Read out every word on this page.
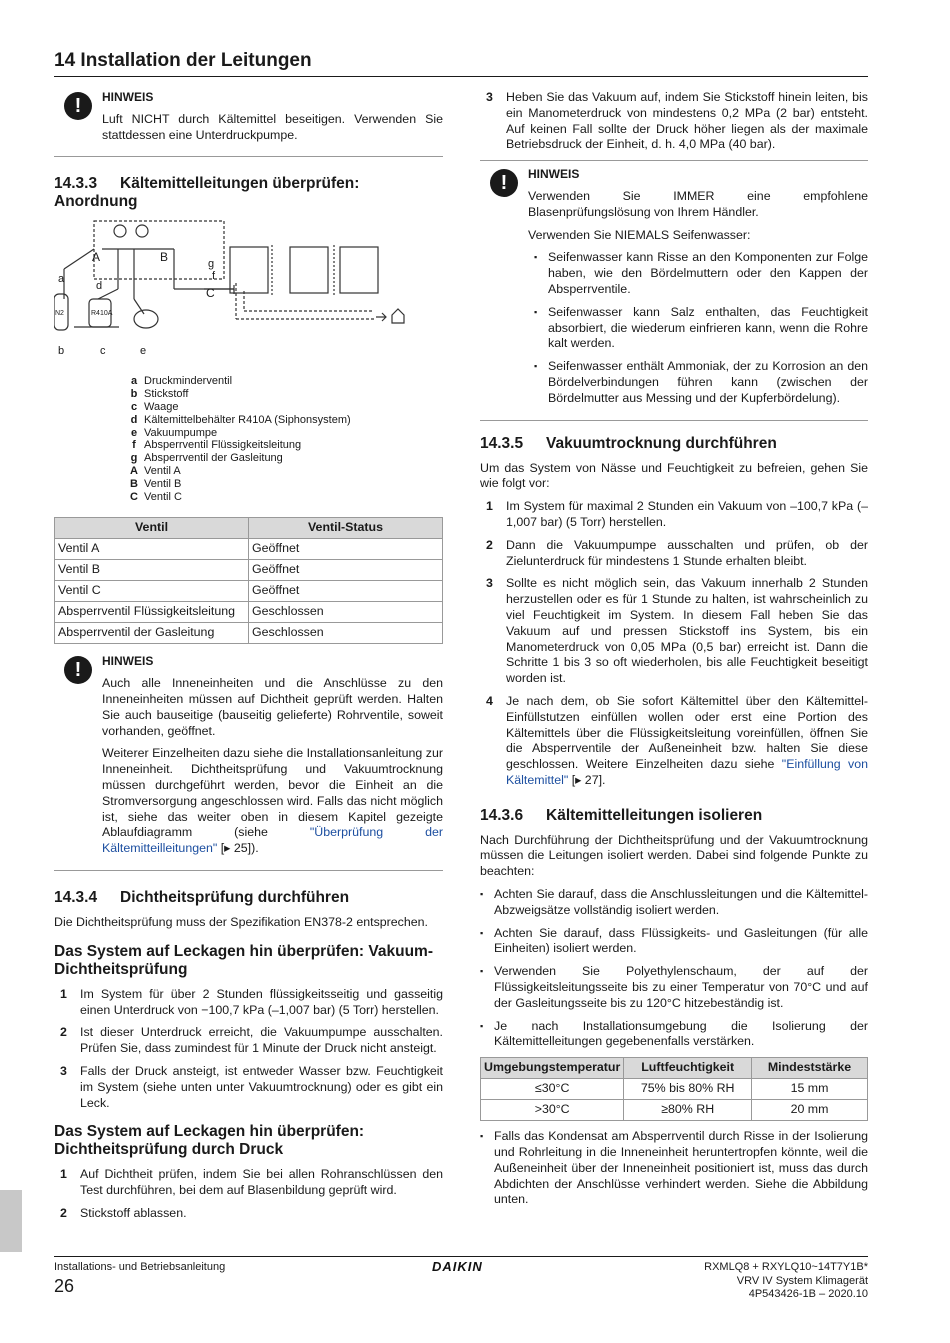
14 Installation der Leitungen
!	HINWEIS

Luft NICHT durch Kältemittel beseitigen. Verwenden Sie stattdessen eine Unterdruckpumpe.

14.3.3 Kältemittelleitungen überprüfen: Anordnung
a
b	c
d
e
f
g
A	B
C
N2	R410A
a Druckminderventil
b Stickstoff
c Waage
d Kältemittelbehälter R410A (Siphonsystem)
e Vakuumpumpe
f Absperrventil Flüssigkeitsleitung
g Absperrventil der Gasleitung
A Ventil A
B Ventil B
C Ventil C
Ventil	Ventil-Status
Ventil A	Geöffnet
Ventil B	Geöffnet
Ventil C	Geöffnet
Absperrventil Flüssigkeitsleitung	Geschlossen
Absperrventil der Gasleitung	Geschlossen
!	HINWEIS

Auch alle Inneneinheiten und die Anschlüsse zu den Inneneinheiten müssen auf Dichtheit geprüft werden. Halten Sie auch bauseitige (bauseitig gelieferte) Rohrventile, soweit vorhanden, geöffnet.

Weiterer Einzelheiten dazu siehe die Installationsanleitung zur Inneneinheit. Dichtheitsprüfung und Vakuumtrocknung müssen durchgeführt werden, bevor die Einheit an die Stromversorgung angeschlossen wird. Falls das nicht möglich ist, siehe das weiter oben in diesem Kapitel gezeigte Ablaufdiagramm (siehe "Überprüfung der Kältemitteilleitungen" [▸ 25]).

14.3.4 Dichtheitsprüfung durchführen

Die Dichtheitsprüfung muss der Spezifikation EN378-2 entsprechen.

Das System auf Leckagen hin überprüfen: Vakuum-Dichtheitsprüfung
1 Im System für über 2 Stunden flüssigkeitsseitig und gasseitig einen Unterdruck von −100,7 kPa (–1,007 bar) (5 Torr) herstellen.
2 Ist dieser Unterdruck erreicht, die Vakuumpumpe ausschalten. Prüfen Sie, dass zumindest für 1 Minute der Druck nicht ansteigt.
3 Falls der Druck ansteigt, ist entweder Wasser bzw. Feuchtigkeit im System (siehe unten unter Vakuumtrocknung) oder es gibt ein Leck.
Das System auf Leckagen hin überprüfen: Dichtheitsprüfung durch Druck
1 Auf Dichtheit prüfen, indem Sie bei allen Rohranschlüssen den Test durchführen, bei dem auf Blasenbildung geprüft wird.
2 Stickstoff ablassen.
3 Heben Sie das Vakuum auf, indem Sie Stickstoff hinein leiten, bis ein Manometerdruck von mindestens 0,2 MPa (2 bar) entsteht. Auf keinen Fall sollte der Druck höher liegen als der maximale Betriebsdruck der Einheit, d. h. 4,0 MPa (40 bar).
!	HINWEIS

Verwenden Sie IMMER eine empfohlene Blasenprüfungslösung von Ihrem Händler.

Verwenden Sie NIEMALS Seifenwasser:

▪ Seifenwasser kann Risse an den Komponenten zur Folge haben, wie den Bördelmuttern oder den Kappen der Absperrventile.
▪ Seifenwasser kann Salz enthalten, das Feuchtigkeit absorbiert, die wiederum einfrieren kann, wenn die Rohre kalt werden.
▪ Seifenwasser enthält Ammoniak, der zu Korrosion an den Bördelverbindungen führen kann (zwischen der Bördelmutter aus Messing und der Kupferbördelung).
14.3.5 Vakuumtrocknung durchführen

Um das System von Nässe und Feuchtigkeit zu befreien, gehen Sie wie folgt vor:

1 Im System für maximal 2 Stunden ein Vakuum von –100,7 kPa (–1,007 bar) (5 Torr) herstellen.
2 Dann die Vakuumpumpe ausschalten und prüfen, ob der Zielunterdruck für mindestens 1 Stunde erhalten bleibt.
3 Sollte es nicht möglich sein, das Vakuum innerhalb 2 Stunden herzustellen oder es für 1 Stunde zu halten, ist wahrscheinlich zu viel Feuchtigkeit im System. In diesem Fall heben Sie das Vakuum auf und pressen Stickstoff ins System, bis ein Manometerdruck von 0,05 MPa (0,5 bar) erreicht ist. Dann die Schritte 1 bis 3 so oft wiederholen, bis alle Feuchtigkeit beseitigt worden ist.
4 Je nach dem, ob Sie sofort Kältemittel über den Kältemittel-Einfüllstutzen einfüllen wollen oder erst eine Portion des Kältemittels über die Flüssigkeitsleitung voreinfüllen, öffnen Sie die Absperrventile der Außeneinheit bzw. halten Sie diese geschlossen. Weitere Einzelheiten dazu siehe "Einfüllung von Kältemittel" [▸ 27].
14.3.6 Kältemittelleitungen isolieren

Nach Durchführung der Dichtheitsprüfung und der Vakuumtrocknung müssen die Leitungen isoliert werden. Dabei sind folgende Punkte zu beachten:

▪ Achten Sie darauf, dass die Anschlussleitungen und die Kältemittel-Abzweigsätze vollständig isoliert werden.
▪ Achten Sie darauf, dass Flüssigkeits- und Gasleitungen (für alle Einheiten) isoliert werden.
▪ Verwenden Sie Polyethylenschaum, der auf der Flüssigkeitsleitungsseite bis zu einer Temperatur von 70°C und auf der Gasleitungsseite bis zu 120°C hitzebeständig ist.
▪ Je nach Installationsumgebung die Isolierung der Kältemittelleitungen gegebenenfalls verstärken.
Umgebungstemperatur	Luftfeuchtigkeit	Mindeststärke
≤30°C	75% bis 80% RH	15 mm
>30°C	≥80% RH	20 mm
▪ Falls das Kondensat am Absperrventil durch Risse in der Isolierung und Rohrleitung in die Inneneinheit heruntertropfen könnte, weil die Außeneinheit über der Inneneinheit positioniert ist, muss das durch Abdichten der Anschlüsse verhindert werden. Siehe die Abbildung unten.
Installations- und Betriebsanleitung
26
DAIKIN	RXMLQ8 + RXYLQ10~14T7Y1B*
VRV IV System Klimagerät
4P543426-1B – 2020.10
